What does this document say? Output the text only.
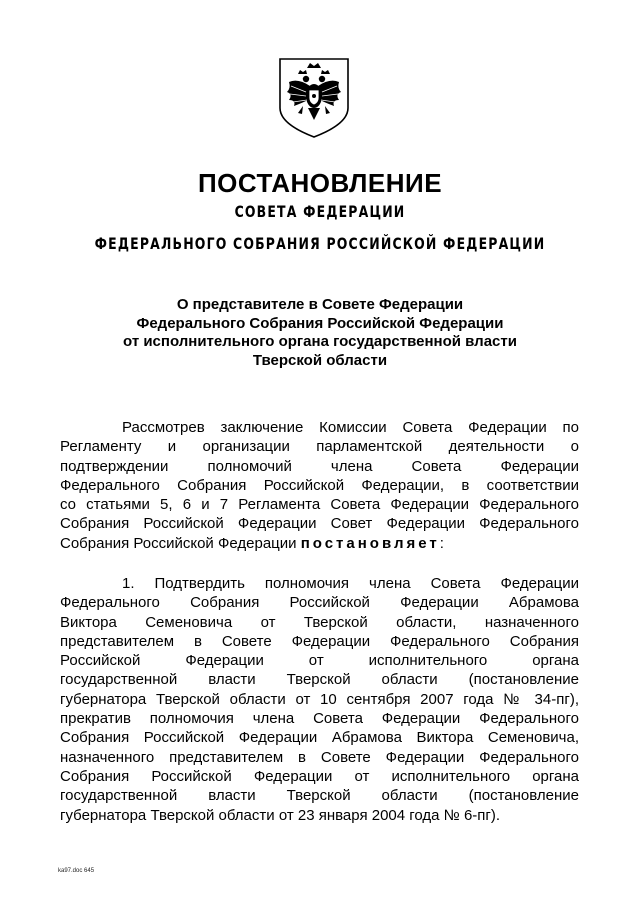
ПОСТАНОВЛЕНИЕ
СОВЕТА ФЕДЕРАЦИИ
ФЕДЕРАЛЬНОГО СОБРАНИЯ РОССИЙСКОЙ ФЕДЕРАЦИИ
О представителе в Совете Федерации
Федерального Собрания Российской Федерации
от исполнительного органа государственной власти
Тверской области
Рассмотрев заключение Комиссии Совета Федерации по
Регламенту и организации парламентской деятельности о
подтверждении полномочий члена Совета Федерации
Федерального Собрания Российской Федерации, в соответствии
со статьями 5, 6 и 7 Регламента Совета Федерации Федерального
Собрания Российской Федерации Совет Федерации Федерального
Собрания Российской Федерации постановляет:
1. Подтвердить полномочия члена Совета Федерации
Федерального Собрания Российской Федерации Абрамова
Виктора Семеновича от Тверской области, назначенного
представителем в Совете Федерации Федерального Собрания
Российской Федерации от исполнительного органа
государственной власти Тверской области (постановление
губернатора Тверской области от 10 сентября 2007 года № 34-пг),
прекратив полномочия члена Совета Федерации Федерального
Собрания Российской Федерации Абрамова Виктора Семеновича,
назначенного представителем в Совете Федерации Федерального
Собрания Российской Федерации от исполнительного органа
государственной власти Тверской области (постановление
губернатора Тверской области от 23 января 2004 года № 6-пг).
ka97.doc 645
